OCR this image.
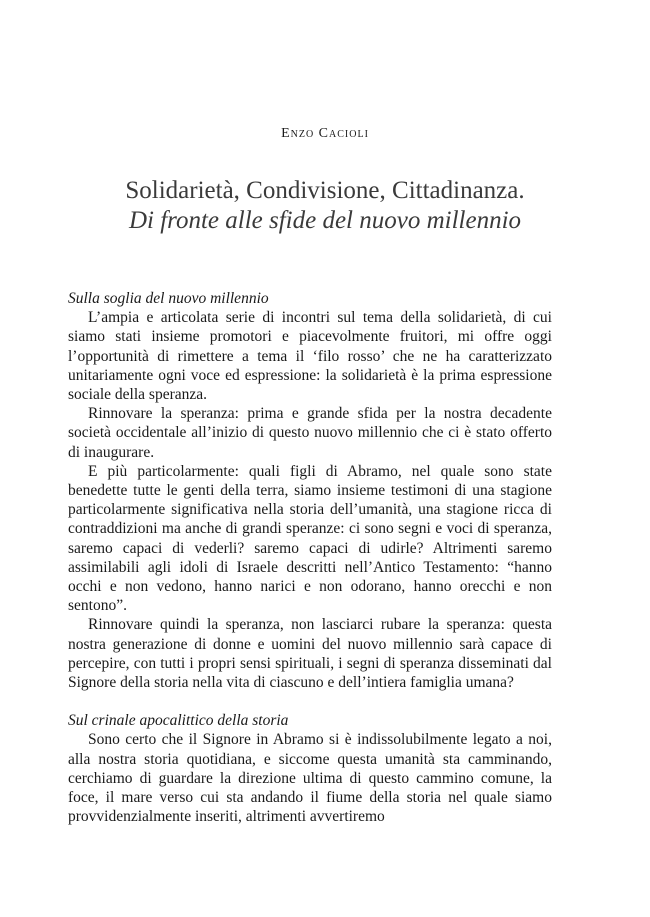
Enzo Cacioli
Solidarietà, Condivisione, Cittadinanza.
Di fronte alle sfide del nuovo millennio
Sulla soglia del nuovo millennio

L’ampia e articolata serie di incontri sul tema della solidarietà, di cui siamo stati insieme promotori e piacevolmente fruitori, mi offre oggi l’opportunità di rimettere a tema il ‘filo rosso’ che ne ha caratterizzato unitariamente ogni voce ed espressione: la solidarietà è la prima espressione sociale della speranza.

Rinnovare la speranza: prima e grande sfida per la nostra decadente società occidentale all’inizio di questo nuovo millennio che ci è stato offerto di inaugurare.

E più particolarmente: quali figli di Abramo, nel quale sono state benedette tutte le genti della terra, siamo insieme testimoni di una stagione particolarmente significativa nella storia dell’umanità, una stagione ricca di contraddizioni ma anche di grandi speranze: ci sono segni e voci di speranza, saremo capaci di vederli? saremo capaci di udirle? Altrimenti saremo assimilabili agli idoli di Israele descritti nell’Antico Testamento: “hanno occhi e non vedono, hanno narici e non odorano, hanno orecchi e non sentono”.

Rinnovare quindi la speranza, non lasciarci rubare la speranza: questa nostra generazione di donne e uomini del nuovo millennio sarà capace di percepire, con tutti i propri sensi spirituali, i segni di speranza disseminati dal Signore della storia nella vita di ciascuno e dell’intiera famiglia umana?

Sul crinale apocalittico della storia

Sono certo che il Signore in Abramo si è indissolubilmente legato a noi, alla nostra storia quotidiana, e siccome questa umanità sta camminando, cerchiamo di guardare la direzione ultima di questo cammino comune, la foce, il mare verso cui sta andando il fiume della storia nel quale siamo provvidenzialmente inseriti, altrimenti avvertiremo
